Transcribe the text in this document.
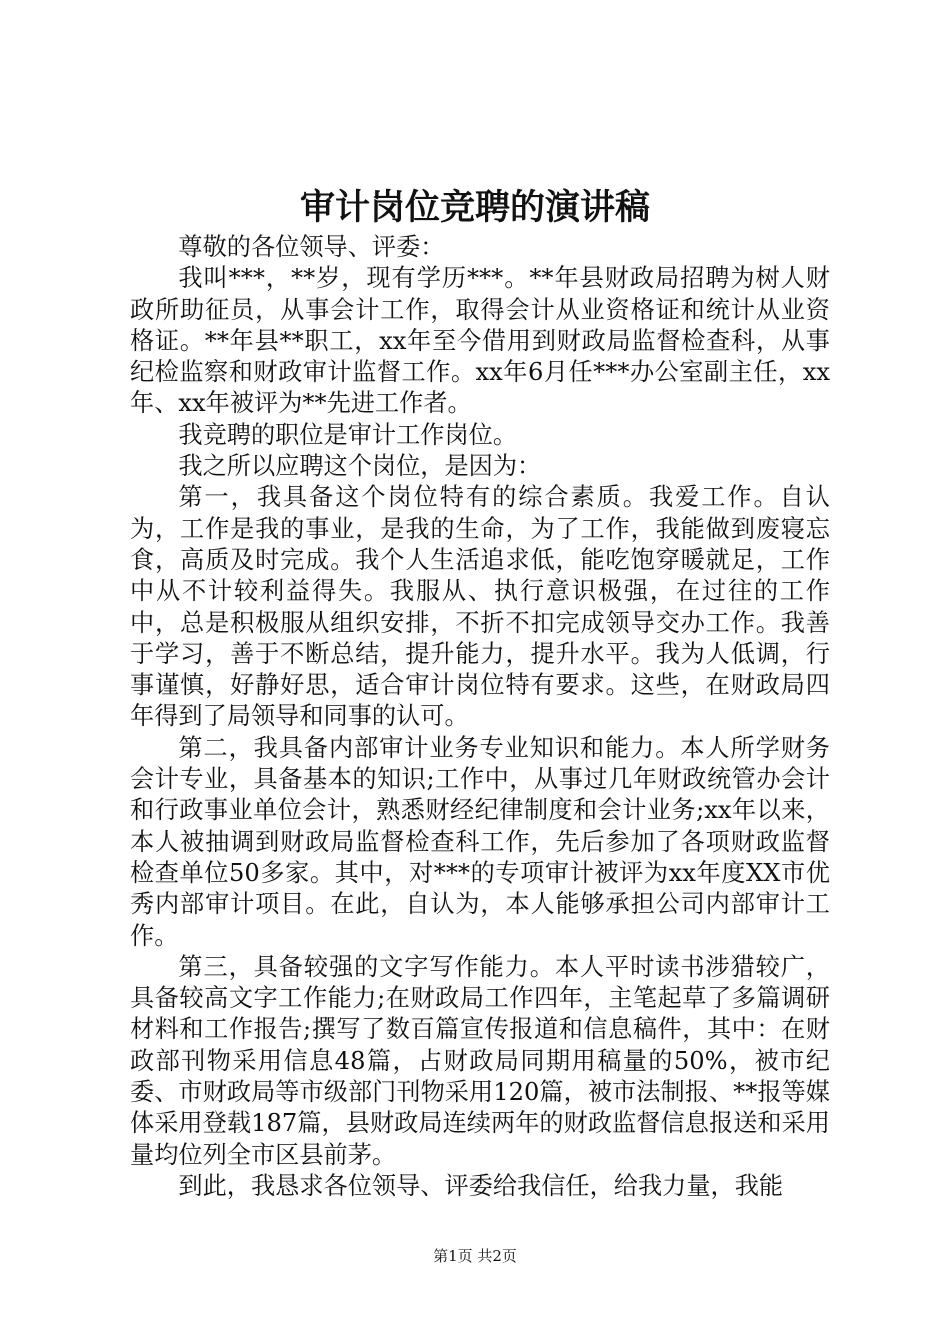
审计岗位竞聘的演讲稿

尊敬的各位领导、评委：

我叫***，**岁，现有学历***。**年县财政局招聘为树人财政所助征员，从事会计工作，取得会计从业资格证和统计从业资格证。**年县**职工，xx年至今借用到财政局监督检查科，从事纪检监察和财政审计监督工作。xx年6月任***办公室副主任，xx年、xx年被评为**先进工作者。

我竞聘的职位是审计工作岗位。

我之所以应聘这个岗位，是因为：

第一，我具备这个岗位特有的综合素质。我爱工作。自认为，工作是我的事业，是我的生命，为了工作，我能做到废寝忘食，高质及时完成。我个人生活追求低，能吃饱穿暖就足，工作中从不计较利益得失。我服从、执行意识极强，在过往的工作中，总是积极服从组织安排，不折不扣完成领导交办工作。我善于学习，善于不断总结，提升能力，提升水平。我为人低调，行事谨慎，好静好思，适合审计岗位特有要求。这些，在财政局四年得到了局领导和同事的认可。

第二，我具备内部审计业务专业知识和能力。本人所学财务会计专业，具备基本的知识;工作中，从事过几年财政统管办会计和行政事业单位会计，熟悉财经纪律制度和会计业务;xx年以来，本人被抽调到财政局监督检查科工作，先后参加了各项财政监督检查单位50多家。其中，对***的专项审计被评为xx年度XX市优秀内部审计项目。在此，自认为，本人能够承担公司内部审计工作。

第三，具备较强的文字写作能力。本人平时读书涉猎较广，具备较高文字工作能力;在财政局工作四年，主笔起草了多篇调研材料和工作报告;撰写了数百篇宣传报道和信息稿件，其中：在财政部刊物采用信息48篇，占财政局同期用稿量的50%，被市纪委、市财政局等市级部门刊物采用120篇，被市法制报、**报等媒体采用登载187篇，县财政局连续两年的财政监督信息报送和采用量均位列全市区县前茅。

到此，我恳求各位领导、评委给我信任，给我力量，我能

第1页 共2页
